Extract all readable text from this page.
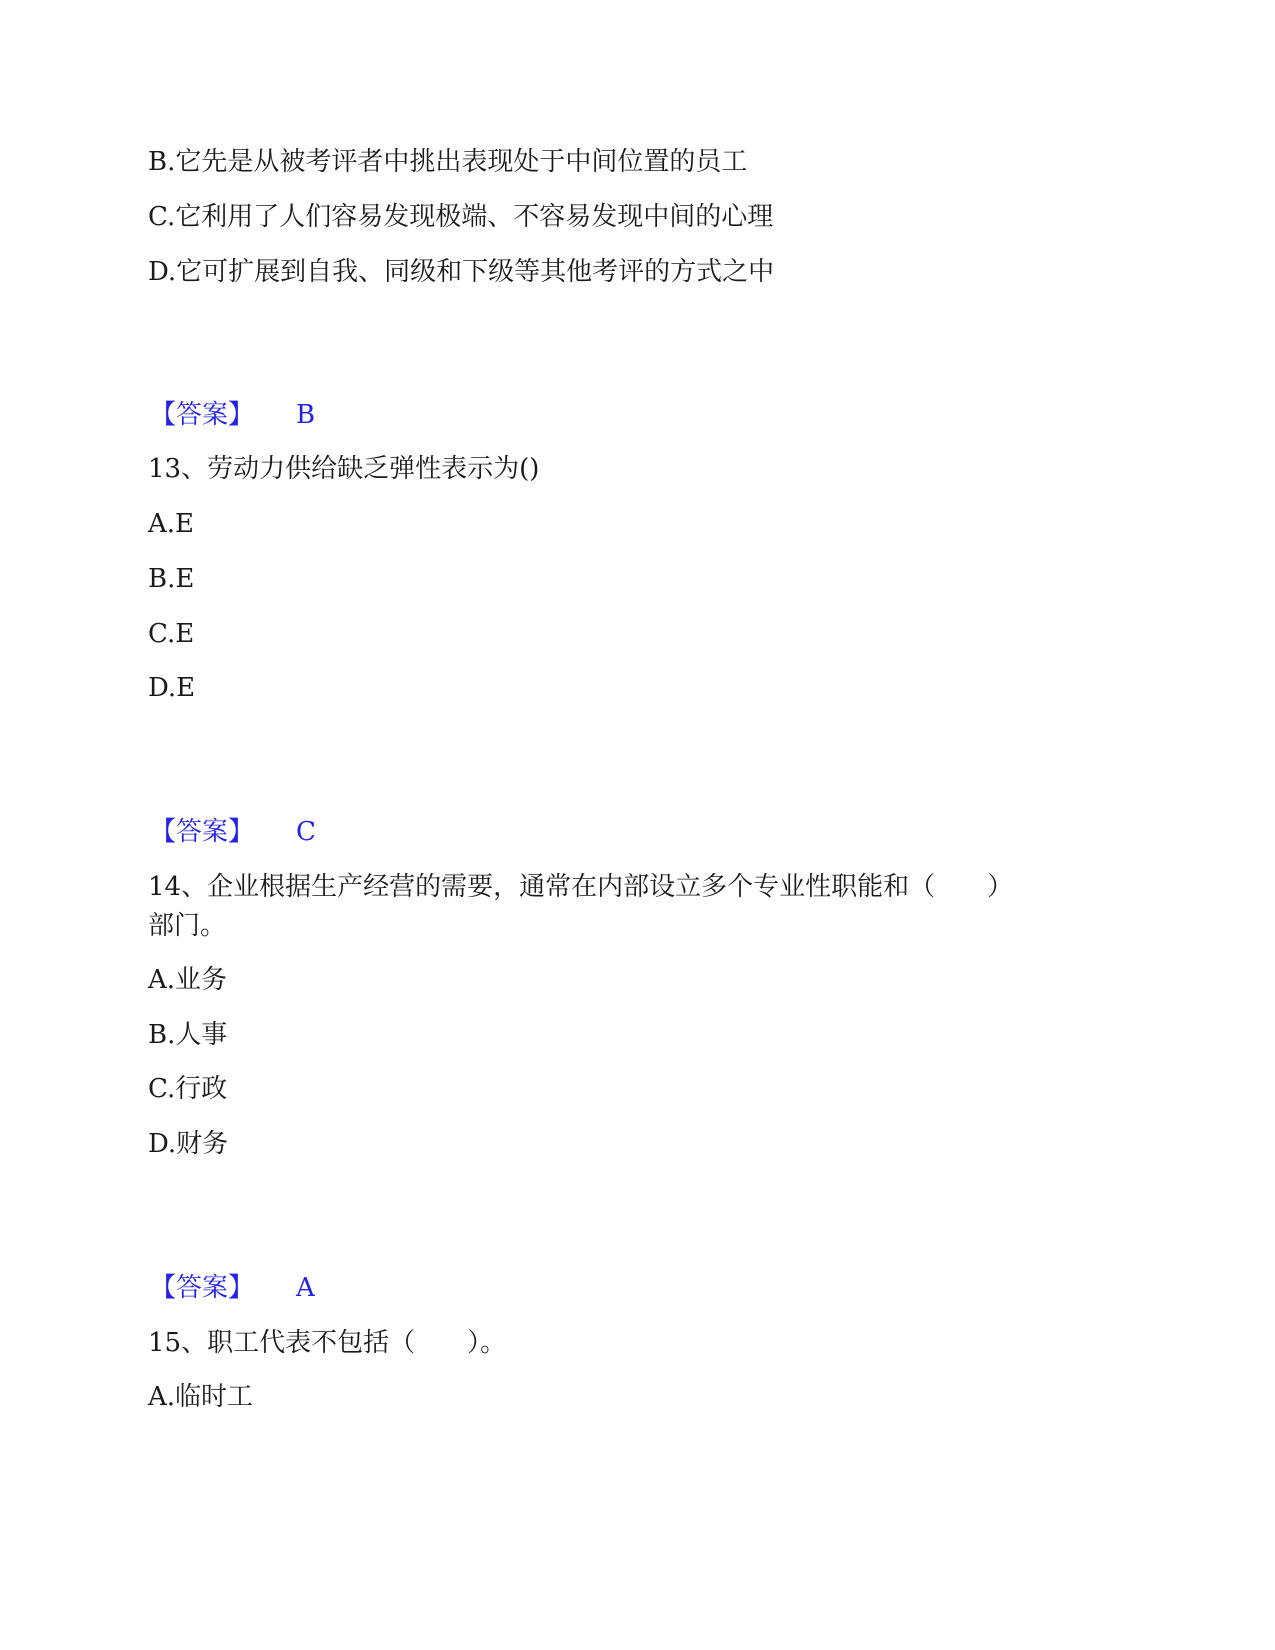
B.它先是从被考评者中挑出表现处于中间位置的员工
C.它利用了人们容易发现极端、不容易发现中间的心理
D.它可扩展到自我、同级和下级等其他考评的方式之中
【答案】 B
13、劳动力供给缺乏弹性表示为()
A.E
B.E
C.E
D.E
【答案】 C
14、企业根据生产经营的需要，通常在内部设立多个专业性职能和（　　）
部门。
A.业务
B.人事
C.行政
D.财务
【答案】 A
15、职工代表不包括（　　）。
A.临时工
